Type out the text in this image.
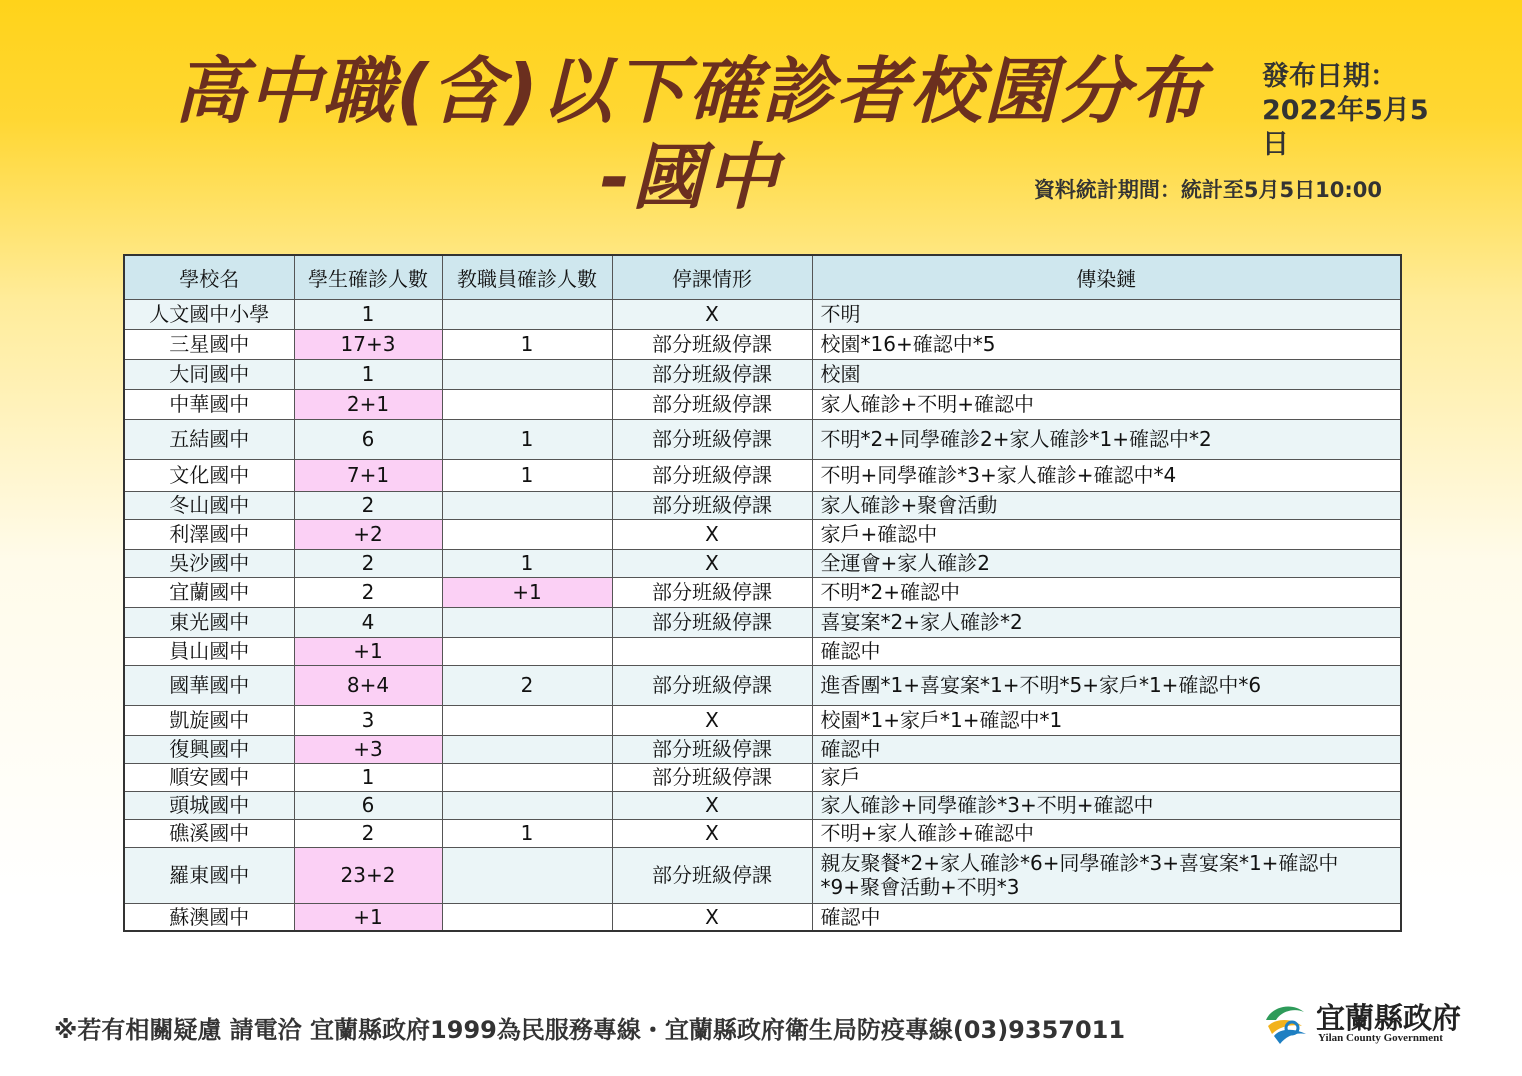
高中職(含)以下確診者校園分布
-國中
發布日期：
2022年5月5日
資料統計期間：統計至5月5日10:00
學校名	學生確診人數	教職員確診人數	停課情形	傳染鏈
人文國中小學	1		X	不明
三星國中	17+3	1	部分班級停課	校園*16+確認中*5
大同國中	1		部分班級停課	校園
中華國中	2+1		部分班級停課	家人確診+不明+確認中
五結國中	6	1	部分班級停課	不明*2+同學確診2+家人確診*1+確認中*2
文化國中	7+1	1	部分班級停課	不明+同學確診*3+家人確診+確認中*4
冬山國中	2		部分班級停課	家人確診+聚會活動
利澤國中	+2		X	家戶+確認中
吳沙國中	2	1	X	全運會+家人確診2
宜蘭國中	2	+1	部分班級停課	不明*2+確認中
東光國中	4		部分班級停課	喜宴案*2+家人確診*2
員山國中	+1			確認中
國華國中	8+4	2	部分班級停課	進香團*1+喜宴案*1+不明*5+家戶*1+確認中*6
凱旋國中	3		X	校園*1+家戶*1+確認中*1
復興國中	+3		部分班級停課	確認中
順安國中	1		部分班級停課	家戶
頭城國中	6		X	家人確診+同學確診*3+不明+確認中
礁溪國中	2	1	X	不明+家人確診+確認中
羅東國中	23+2		部分班級停課	親友聚餐*2+家人確診*6+同學確診*3+喜宴案*1+確認中*9+聚會活動+不明*3
蘇澳國中	+1		X	確認中
※若有相關疑慮 請電洽 宜蘭縣政府1999為民服務專線・宜蘭縣政府衛生局防疫專線(03)9357011	宜蘭縣政府
Yilan County Government
